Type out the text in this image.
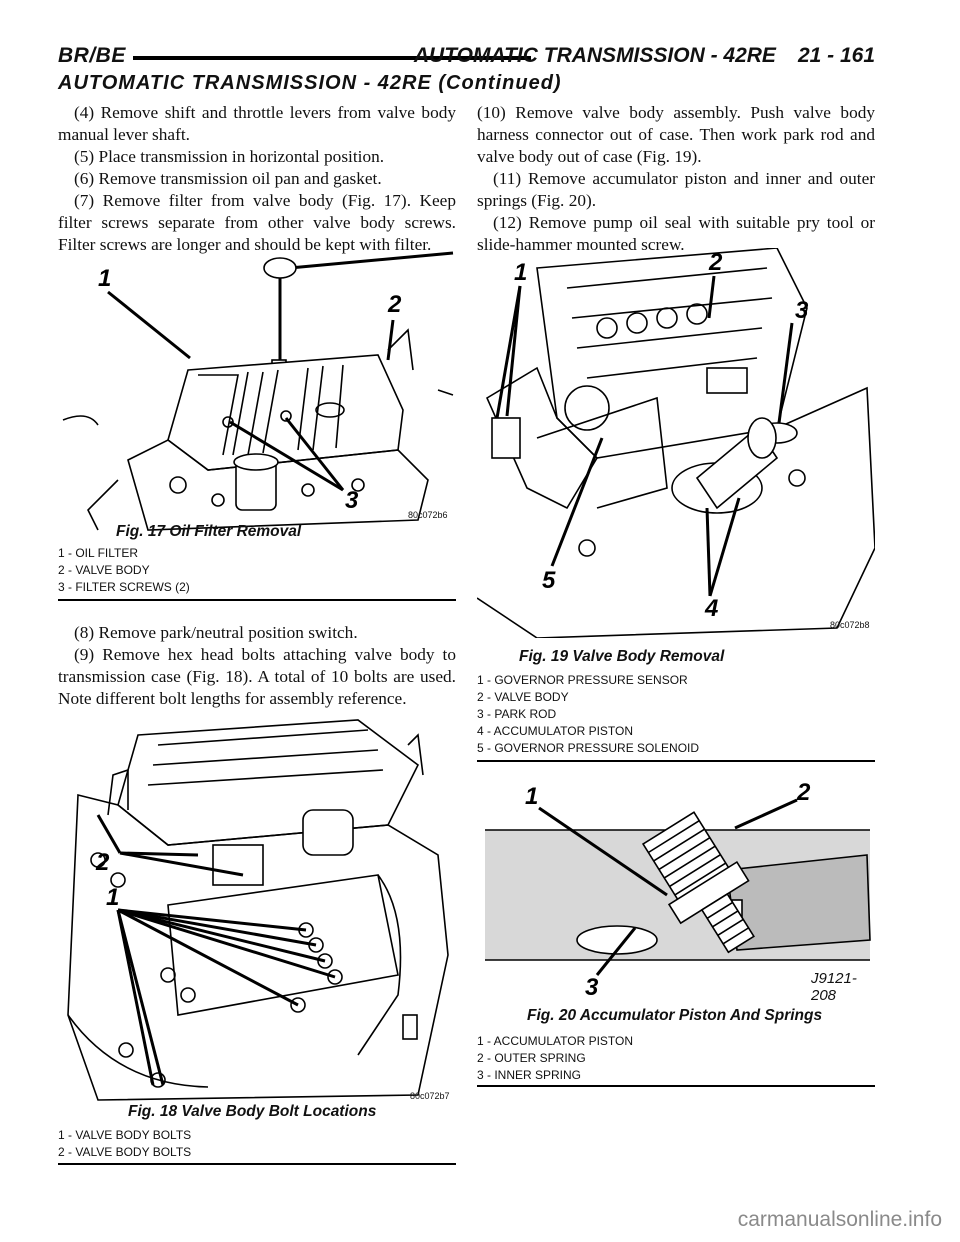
BR/BE	AUTOMATIC TRANSMISSION - 42RE 21 - 161
AUTOMATIC TRANSMISSION - 42RE (Continued)

(4) Remove shift and throttle levers from valve body manual lever shaft.

(5) Place transmission in horizontal position.

(6) Remove transmission oil pan and gasket.

(7) Remove filter from valve body (Fig. 17). Keep filter screws separate from other valve body screws. Filter screws are longer and should be kept with filter.

1
2
3
Fig. 17 Oil Filter Removal
80c072b6
1 - OIL FILTER
2 - VALVE BODY
3 - FILTER SCREWS (2)

(8) Remove park/neutral position switch.

(9) Remove hex head bolts attaching valve body to transmission case (Fig. 18). A total of 10 bolts are used. Note different bolt lengths for assembly reference.

2
1
Fig. 18 Valve Body Bolt Locations
80c072b7
1 - VALVE BODY BOLTS
2 - VALVE BODY BOLTS

(10) Remove valve body assembly. Push valve body harness connector out of case. Then work park rod and valve body out of case (Fig. 19).

(11) Remove accumulator piston and inner and outer springs (Fig. 20).

(12) Remove pump oil seal with suitable pry tool or slide-hammer mounted screw.

1	2
3
5
4
80c072b8
Fig. 19 Valve Body Removal
1 - GOVERNOR PRESSURE SENSOR
2 - VALVE BODY
3 - PARK ROD
4 - ACCUMULATOR PISTON
5 - GOVERNOR PRESSURE SOLENOID
1	2
3	J9121-208
Fig. 20 Accumulator Piston And Springs
1 - ACCUMULATOR PISTON
2 - OUTER SPRING
3 - INNER SPRING
carmanualsonline.info
